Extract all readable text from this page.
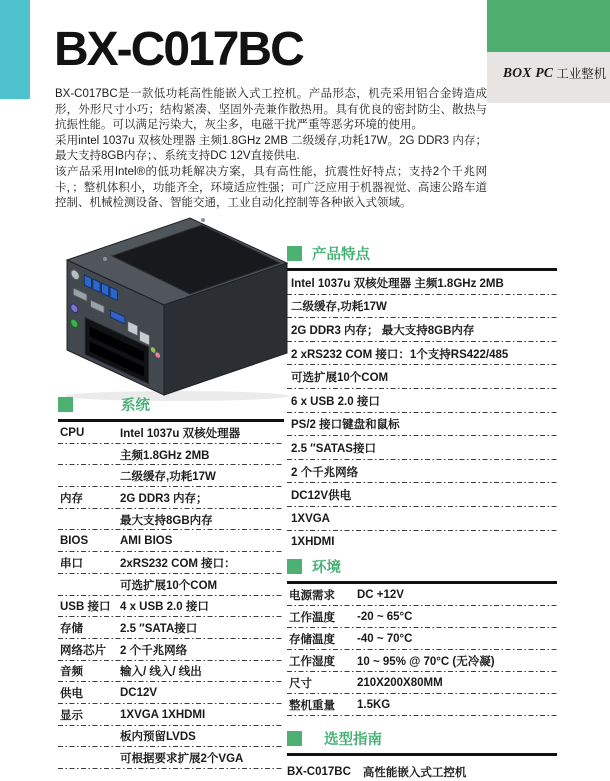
BOX PC 工业整机
BX-C017BC

BX-C017BC是一款低功耗高性能嵌入式工控机。产品形态，机壳采用铝合金铸造成形，外形尺寸小巧；结构紧凑、坚固外壳兼作散热用。具有优良的密封防尘、散热与抗振性能。可以满足污染大，灰尘多，电磁干扰严重等恶劣环境的使用。

采用intel 1037u 双核处理器 主频1.8GHz 2MB 二级缓存,功耗17W。2G DDR3 内存；最大支持8GB内存；、系统支持DC 12V直接供电.

该产品采用Intel®的低功耗解决方案，具有高性能，抗震性好特点；支持2个千兆网卡，；整机体积小，功能齐全，环境适应性强；可广泛应用于机器视觉、高速公路车道控制、机械检测设备、智能交通，工业自动化控制等各种嵌入式领域。

系统
CPU	Intel 1037u 双核处理器
主频1.8GHz 2MB
二级缓存,功耗17W
内存	2G DDR3 内存；
最大支持8GB内存
BIOS	AMI BIOS
串口	2xRS232 COM 接口：
可选扩展10个COM
USB 接口 4 x USB 2.0 接口
存储	2.5 ″SATA接口
网络芯片	2 个千兆网络
音频	输入/ 线入/ 线出
供电	DC12V
显示	1XVGA 1XHDMI
板内预留LVDS
可根据要求扩展2个VGA
产品特点
Intel 1037u 双核处理器 主频1.8GHz 2MB
二级缓存,功耗17W
2G DDR3 内存； 最大支持8GB内存
2 xRS232 COM 接口：1个支持RS422/485
可选扩展10个COM
6 x USB 2.0 接口
PS/2 接口键盘和鼠标
2.5 ″SATAS接口
2 个千兆网络
DC12V供电
1XVGA
1XHDMI
环境
电源需求	DC +12V
工作温度	-20 ~ 65°C
存储温度	-40 ~ 70°C
工作湿度	10 ~ 95% @ 70°C (无冷凝)
尺寸	210X200X80MM
整机重量	1.5KG
选型指南
BX-C017BC 高性能嵌入式工控机
